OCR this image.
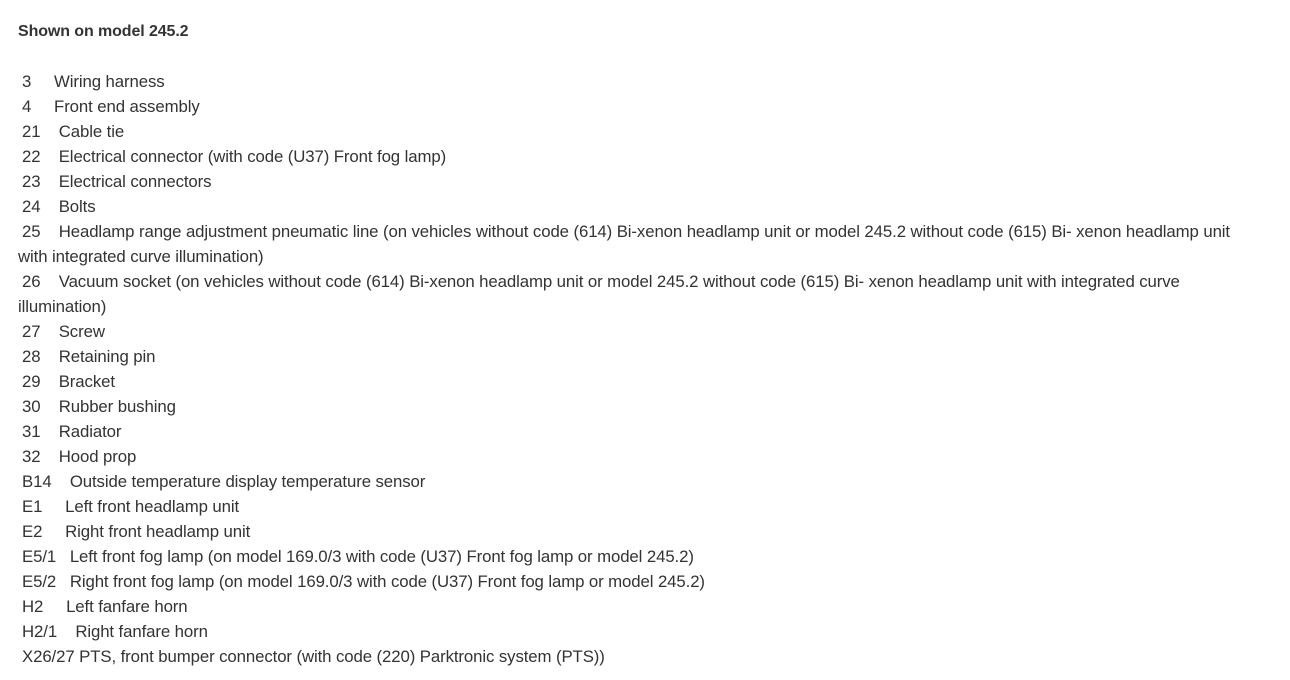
Shown on model 245.2

3 Wiring harness
4 Front end assembly
21 Cable tie
22 Electrical connector (with code (U37) Front fog lamp)
23 Electrical connectors
24 Bolts
25 Headlamp range adjustment pneumatic line (on vehicles without code (614) Bi-xenon headlamp unit or model 245.2 without code (615) Bi- xenon headlamp unit with integrated curve illumination)
26 Vacuum socket (on vehicles without code (614) Bi-xenon headlamp unit or model 245.2 without code (615) Bi- xenon headlamp unit with integrated curve illumination)
27 Screw
28 Retaining pin
29 Bracket
30 Rubber bushing
31 Radiator
32 Hood prop
B14 Outside temperature display temperature sensor
E1 Left front headlamp unit
E2 Right front headlamp unit
E5/1 Left front fog lamp (on model 169.0/3 with code (U37) Front fog lamp or model 245.2)
E5/2 Right front fog lamp (on model 169.0/3 with code (U37) Front fog lamp or model 245.2)
H2 Left fanfare horn
H2/1 Right fanfare horn
X26/27 PTS, front bumper connector (with code (220) Parktronic system (PTS))
